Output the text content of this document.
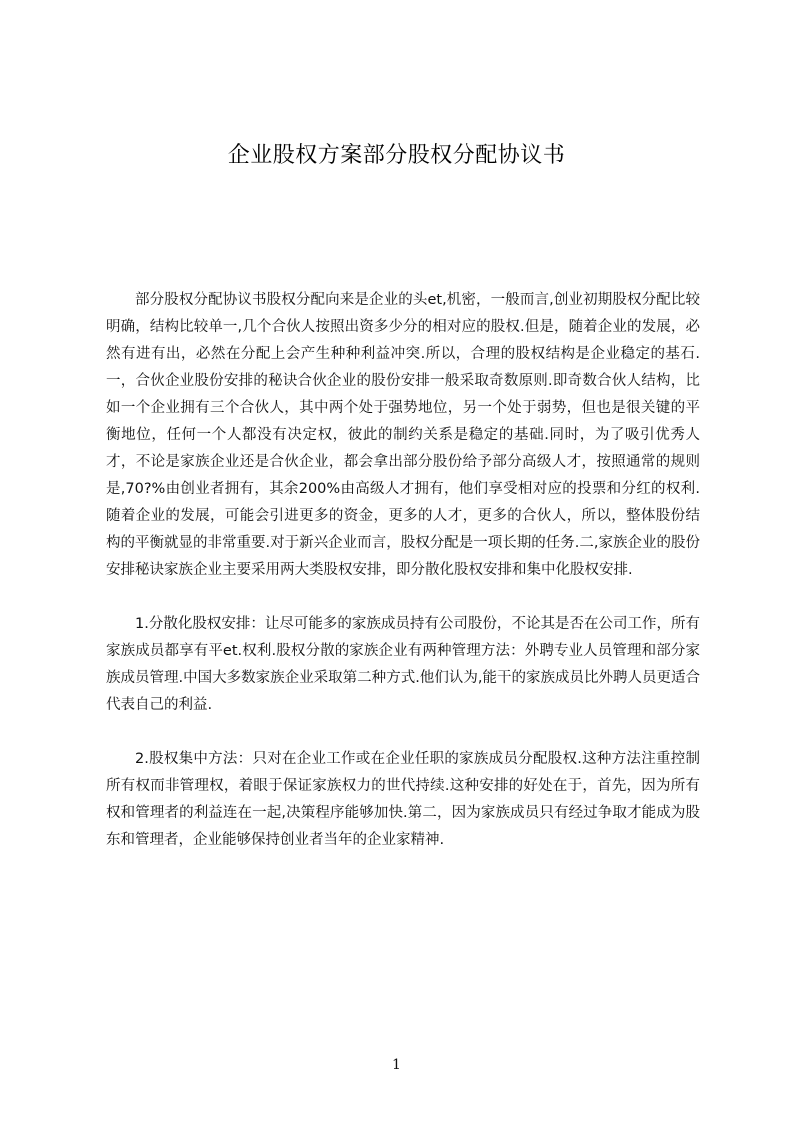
企业股权方案部分股权分配协议书

部分股权分配协议书股权分配向来是企业的头et,机密，一般而言,创业初期股权分配比较明确，结构比较单一,几个合伙人按照出资多少分的相对应的股权.但是，随着企业的发展，必然有进有出，必然在分配上会产生种种利益冲突.所以，合理的股权结构是企业稳定的基石.一，合伙企业股份安排的秘诀合伙企业的股份安排一般采取奇数原则.即奇数合伙人结构，比如一个企业拥有三个合伙人，其中两个处于强势地位，另一个处于弱势，但也是很关键的平衡地位，任何一个人都没有决定权，彼此的制约关系是稳定的基础.同时，为了吸引优秀人才，不论是家族企业还是合伙企业，都会拿出部分股份给予部分高级人才，按照通常的规则是,70?%由创业者拥有，其余200%由高级人才拥有，他们享受相对应的投票和分红的权利.随着企业的发展，可能会引进更多的资金，更多的人才，更多的合伙人，所以，整体股份结构的平衡就显的非常重要.对于新兴企业而言，股权分配是一项长期的任务.二,家族企业的股份安排秘诀家族企业主要采用两大类股权安排，即分散化股权安排和集中化股权安排.

1.分散化股权安排：让尽可能多的家族成员持有公司股份，不论其是否在公司工作，所有家族成员都享有平et.权利.股权分散的家族企业有两种管理方法：外聘专业人员管理和部分家族成员管理.中国大多数家族企业采取第二种方式.他们认为,能干的家族成员比外聘人员更适合代表自己的利益.

2.股权集中方法：只对在企业工作或在企业任职的家族成员分配股权.这种方法注重控制所有权而非管理权，着眼于保证家族权力的世代持续.这种安排的好处在于，首先，因为所有权和管理者的利益连在一起,决策程序能够加快.第二，因为家族成员只有经过争取才能成为股东和管理者，企业能够保持创业者当年的企业家精神.

1
